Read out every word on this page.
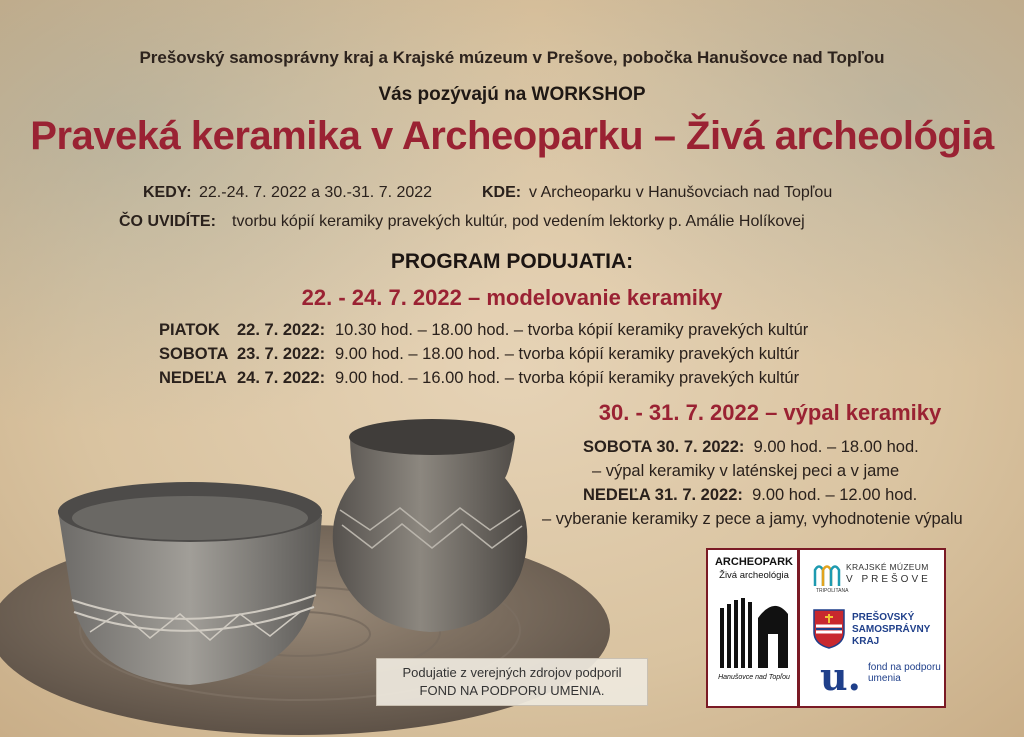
Prešovský samosprávny kraj a Krajské múzeum v Prešove, pobočka Hanušovce nad Topľou
Vás pozývajú na WORKSHOP
Praveká keramika v Archeoparku – Živá archeológia
KEDY: 22.-24. 7. 2022 a 30.-31. 7. 2022	KDE: v Archeoparku v Hanušovciach nad Topľou
ČO UVIDÍTE: tvorbu kópií keramiky pravekých kultúr, pod vedením lektorky p. Amálie Holíkovej
PROGRAM PODUJATIA:
22. - 24. 7. 2022 – modelovanie keramiky
PIATOK 22. 7. 2022: 10.30 hod. – 18.00 hod. – tvorba kópií keramiky pravekých kultúr
SOBOTA 23. 7. 2022: 9.00 hod. – 18.00 hod. – tvorba kópií keramiky pravekých kultúr
NEDEĽA 24. 7. 2022: 9.00 hod. – 16.00 hod. – tvorba kópií keramiky pravekých kultúr
30. - 31. 7. 2022 – výpal keramiky
SOBOTA 30. 7. 2022: 9.00 hod. – 18.00 hod.
– výpal keramiky v laténskej peci a v jame
NEDEĽA 31. 7. 2022: 9.00 hod. – 12.00 hod.
– vyberanie keramiky z pece a jamy, vyhodnotenie výpalu
Podujatie z verejných zdrojov podporil
FOND NA PODPORU UMENIA.
ARCHEOPARK
Živá archeológia
Hanušovce nad Topľou
KRAJSKÉ MÚZEUM
V PREŠOVE
TRIPOLITANA
PREŠOVSKÝ SAMOSPRÁVNY KRAJ
u. fond na podporu umenia
